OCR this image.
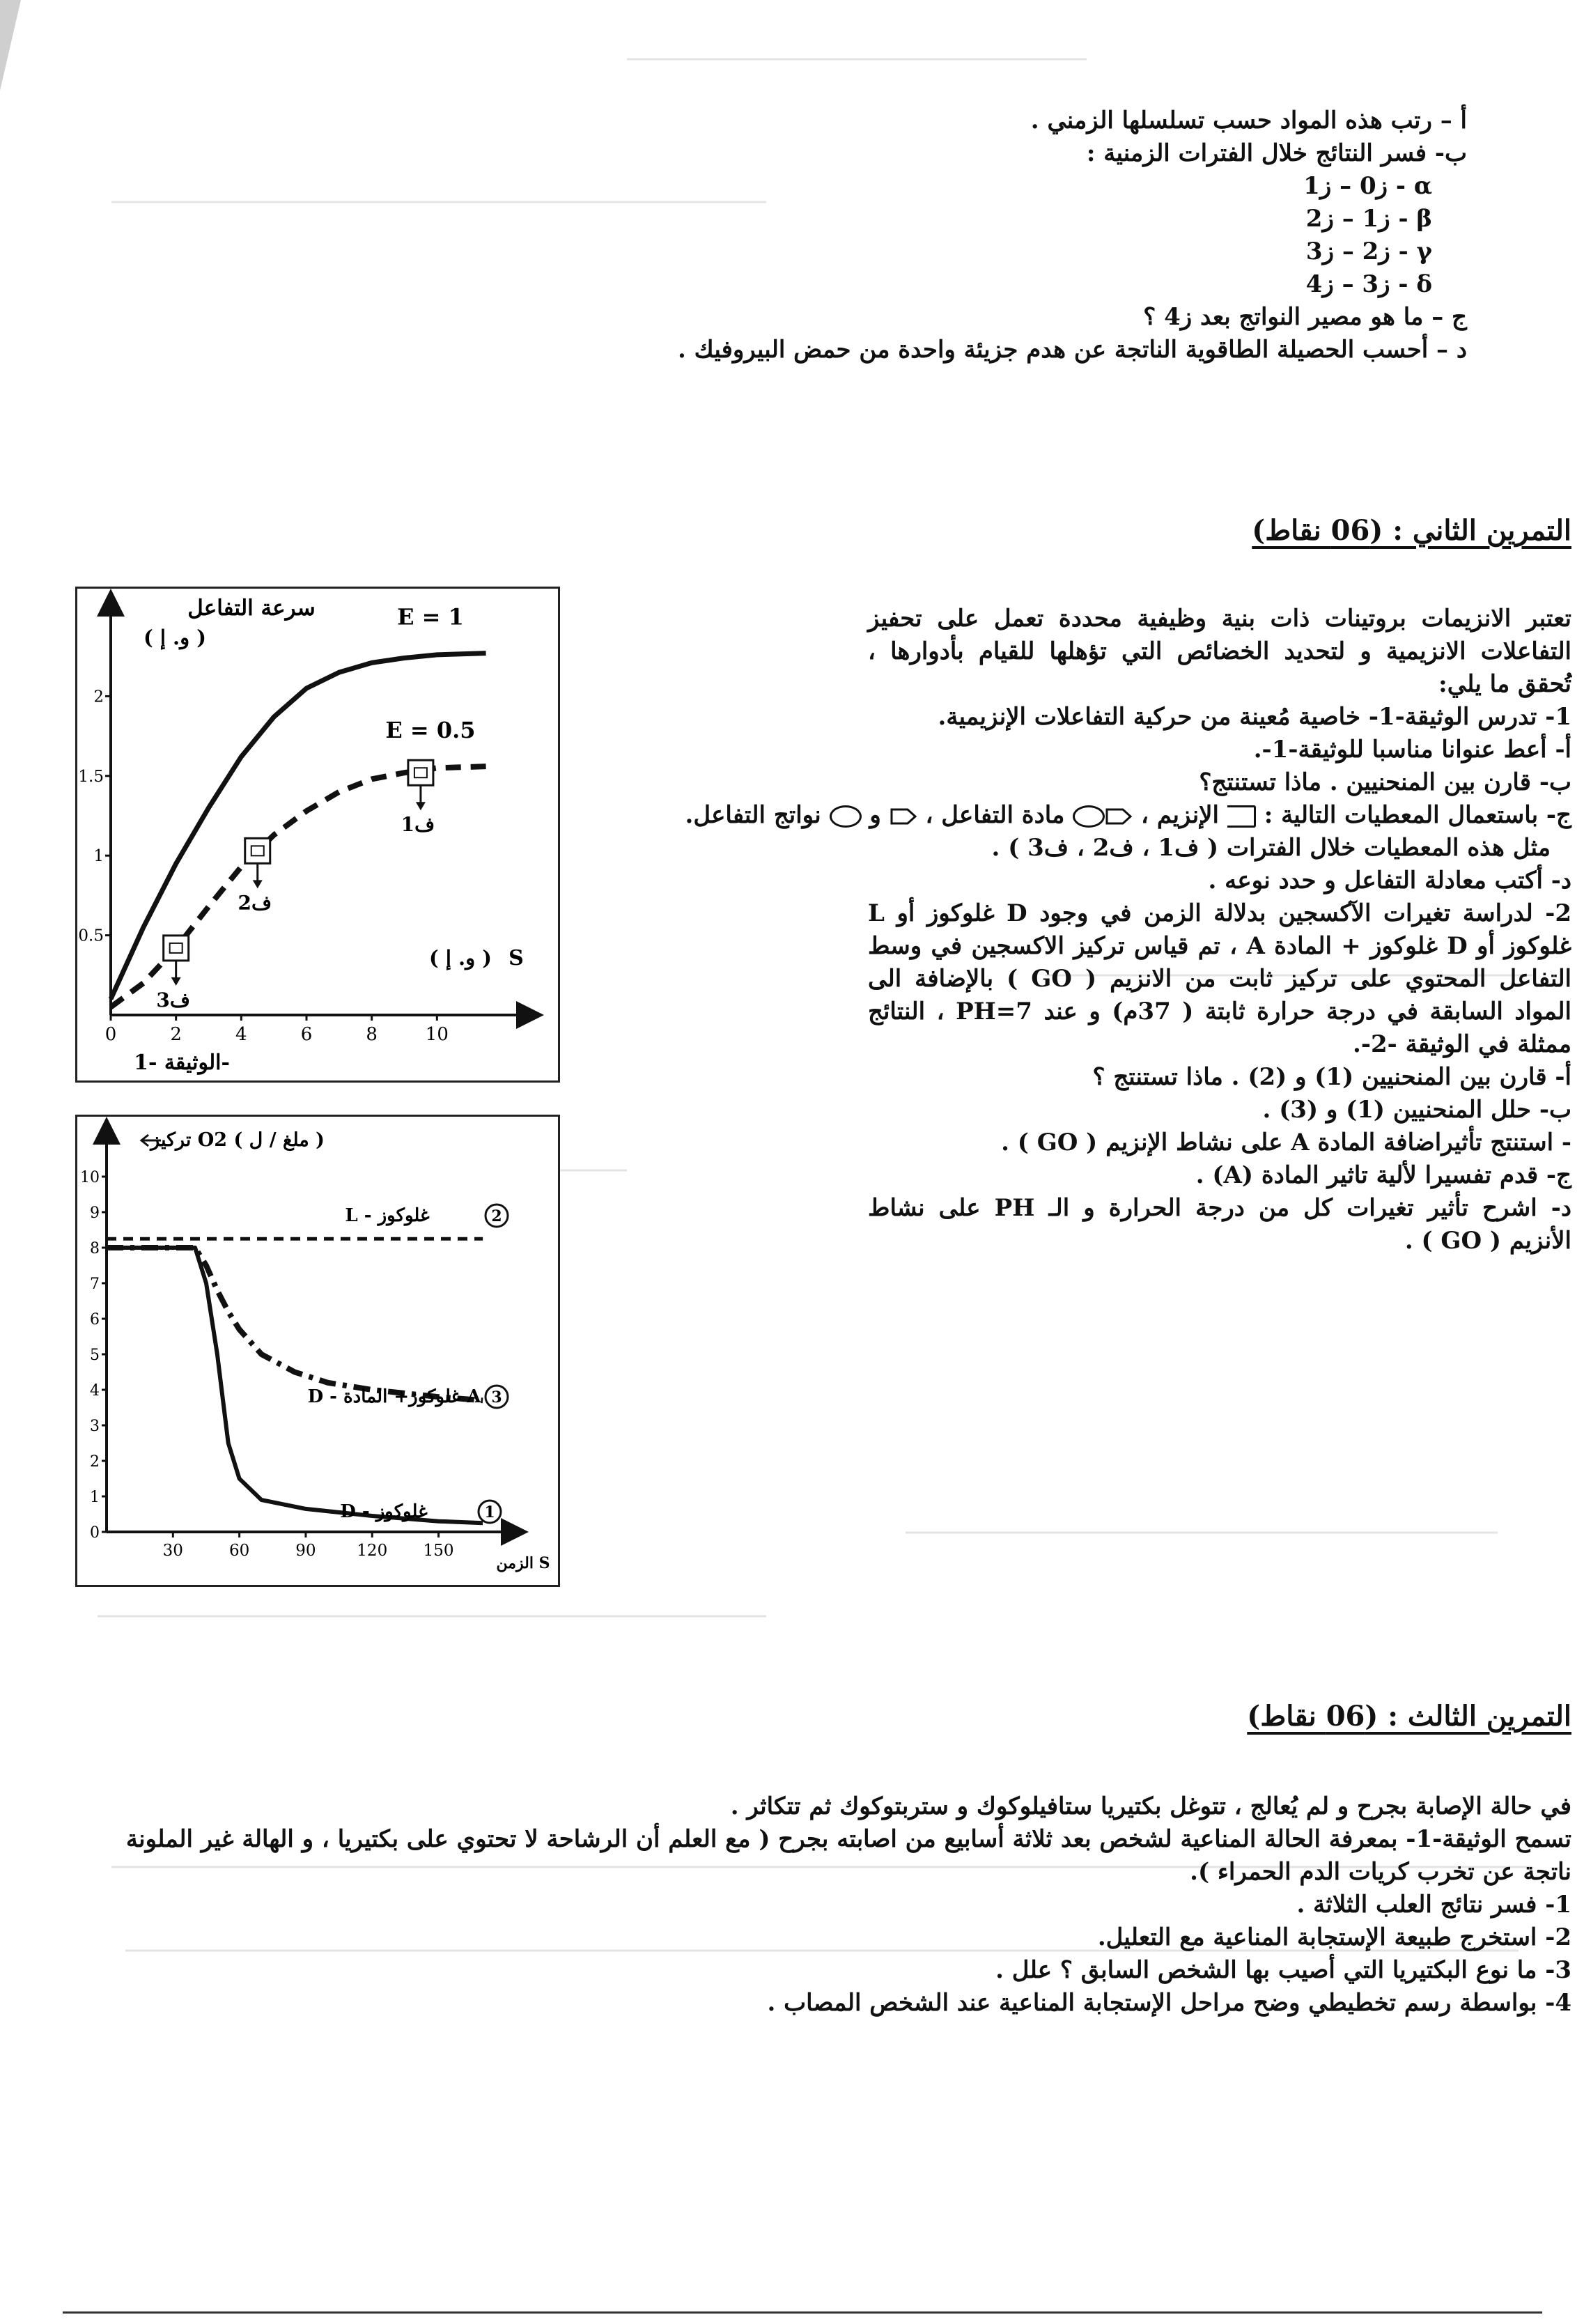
أ – رتب هذه المواد حسب تسلسلها الزمني .
ب- فسر النتائج خلال الفترات الزمنية :
α - ز0 – ز1
β - ز1 – ز2
γ - ز2 – ز3
δ - ز3 – ز4
ج – ما هو مصير النواتج بعد ز4 ؟
د – أحسب الحصيلة الطاقوية الناتجة عن هدم جزيئة واحدة من حمض البيروفيك .
التمرين الثاني : (06 نقاط)
تعتبر الانزيمات بروتينات ذات بنية وظيفية محددة تعمل على تحفيز التفاعلات الانزيمية و لتحديد الخضائص التي تؤهلها للقيام بأدوارها ، تُحقق ما يلي:
1- تدرس الوثيقة-1- خاصية مُعينة من حركية التفاعلات الإنزيمية.
أ- أعط عنوانا مناسبا للوثيقة-1-.
ب- قارن بين المنحنيين . ماذا تستنتج؟
ج- باستعمال المعطيات التالية :  الإنزيم ،  مادة التفاعل ،  و  نواتج التفاعل.
مثل هذه المعطيات خلال الفترات ( ف1 ، ف2 ، ف3 ) .
د- أكتب معادلة التفاعل و حدد نوعه .
2- لدراسة تغيرات الآكسجين بدلالة الزمن في وجود D غلوكوز أو L غلوكوز أو D غلوكوز + المادة A ، تم قياس تركيز الاكسجين في وسط التفاعل المحتوي على تركيز ثابت من الانزيم ( GO ) بالإضافة الى المواد السابقة في درجة حرارة ثابتة ( 37م) و عند PH=7 ، النتائج ممثلة في الوثيقة -2-.
أ- قارن بين المنحنيين (1) و (2) . ماذا تستنتج ؟
ب- حلل المنحنيين (1) و (3) .
- استنتج تأثيراضافة المادة A على نشاط الإنزيم ( GO ) .
ج- قدم تفسيرا لألية تاثير المادة (A) .
د- اشرح تأثير تغيرات كل من درجة الحرارة و الـ PH على نشاط الأنزيم ( GO ) .
0	2	4	6	8	10
0.5
1
1.5
2
سرعة التفاعل
( و. إ )
S
( و. إ )
E = 1
E = 0.5
ف3
ف2
ف1
الوثيقة -1-
0
1
2
3
4
5
6
7
8
9
10
30	60	90	120 150
تركيز O2 ( ملغ / ل )
الزمن S
L - غلوكوز	2
D - غلوكوز+ المادة A 3
D - غلوكوز	1
التمرين الثالث : (06 نقاط)
في حالة الإصابة بجرح و لم يُعالج ، تتوغل بكتيريا ستافيلوكوك و ستربتوكوك ثم تتكاثر .
تسمح الوثيقة-1- بمعرفة الحالة المناعية لشخص بعد ثلاثة أسابيع من اصابته بجرح ( مع العلم أن الرشاحة لا تحتوي على بكتيريا ، و الهالة غير الملونة ناتجة عن تخرب كريات الدم الحمراء ).
1- فسر نتائج العلب الثلاثة .
2- استخرج طبيعة الإستجابة المناعية مع التعليل.
3- ما نوع البكتيريا التي أصيب بها الشخص السابق ؟ علل .
4- بواسطة رسم تخطيطي وضح مراحل الإستجابة المناعية عند الشخص المصاب .
